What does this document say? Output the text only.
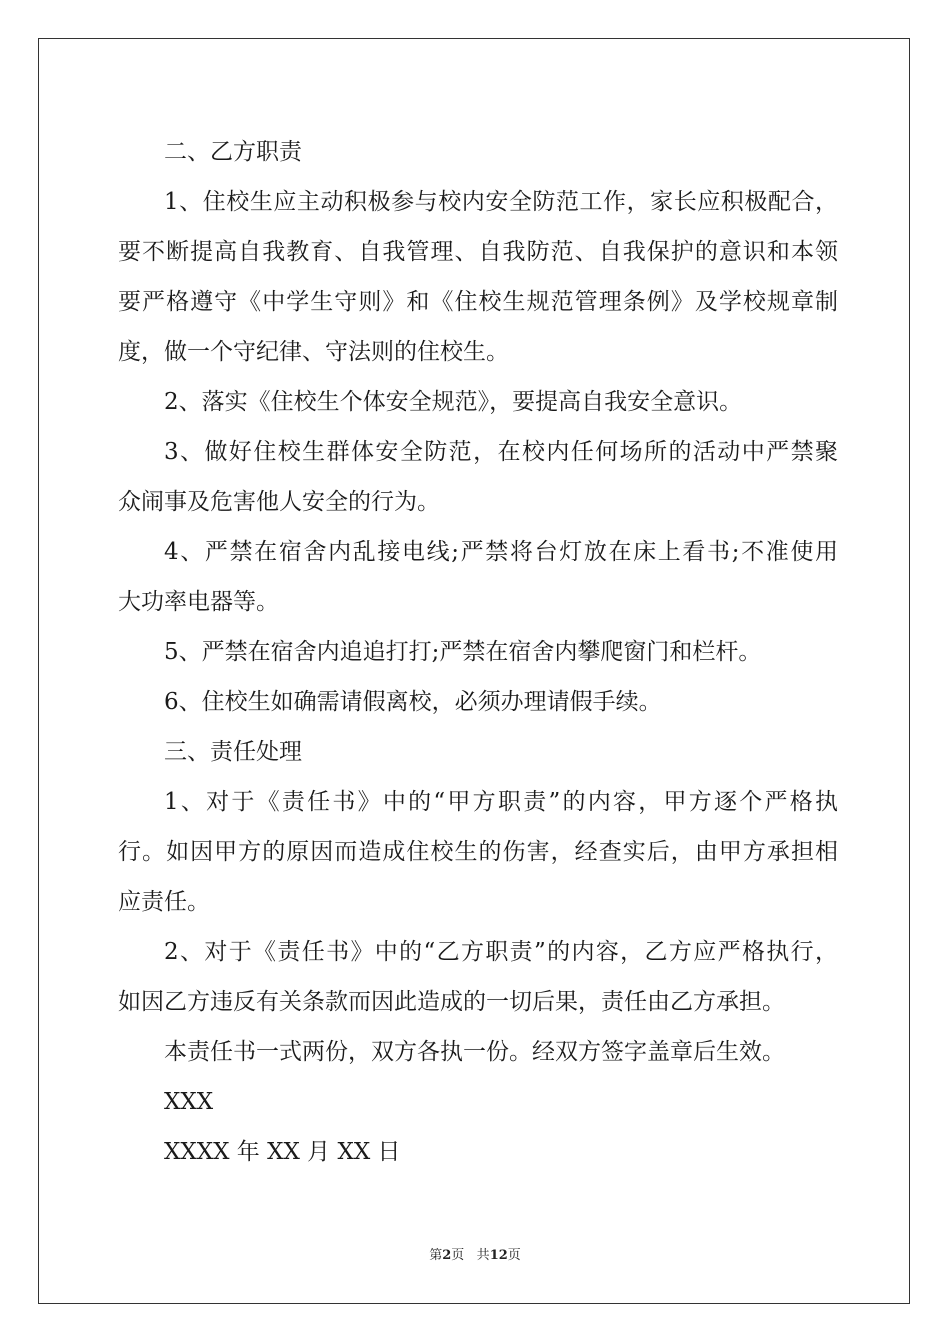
二、乙方职责
1、住校生应主动积极参与校内安全防范工作，家长应积极配合，
要不断提高自我教育、自我管理、自我防范、自我保护的意识和本领
要严格遵守《中学生守则》和《住校生规范管理条例》及学校规章制
度，做一个守纪律、守法则的住校生。
2、落实《住校生个体安全规范》，要提高自我安全意识。
3、做好住校生群体安全防范，在校内任何场所的活动中严禁聚
众闹事及危害他人安全的行为。
4、严禁在宿舍内乱接电线;严禁将台灯放在床上看书;不准使用
大功率电器等。
5、严禁在宿舍内追追打打;严禁在宿舍内攀爬窗门和栏杆。
6、住校生如确需请假离校，必须办理请假手续。
三、责任处理
1、对于《责任书》中的“甲方职责”的内容，甲方逐个严格执
行。如因甲方的原因而造成住校生的伤害，经查实后，由甲方承担相
应责任。
2、对于《责任书》中的“乙方职责”的内容，乙方应严格执行，
如因乙方违反有关条款而因此造成的一切后果，责任由乙方承担。
本责任书一式两份，双方各执一份。经双方签字盖章后生效。
XXX
XXXX 年 XX 月 XX 日
第2页 共12页
